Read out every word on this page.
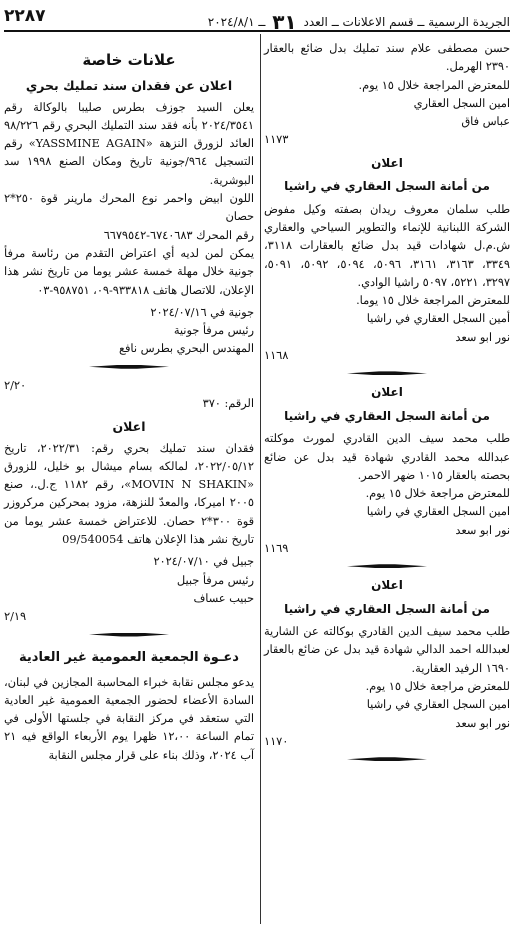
الجريدة الرسمية ــ قسم الاعلانات ــ العدد ٣١ ــ ٢٠٢٤/٨/١
٢٢٨٧

حسن مصطفى علام سند تمليك بدل ضائع بالعقار ٢٣٩٠ الهرمل.

للمعترض المراجعة خلال ١٥ يوم.

امين السجل العقاري

عباس فاق

١١٧٣

اعلان
من أمانة السجل العقاري في راشيا

طلب سلمان معروف ريدان بصفته وكيل مفوض الشركة اللبنانية للإنماء والتطوير السياحي والعقاري ش.م.ل شهادات قيد بدل ضائع بالعقارات ٣١١٨، ٣٣٤٩، ٣١٦٣، ٣١٦١، ٥٠٩٦، ٥٠٩٤، ٥٠٩٢، ٥٠٩١، ٣٢٩٧، ٥٢٢١، ٥٠٩٧ راشيا الوادي.

للمعترض المراجعة خلال ١٥ يوما.

أمين السجل العقاري في راشيا

نور ابو سعد

١١٦٨

اعلان
من أمانة السجل العقاري في راشيا

طلب محمد سيف الدين القادري لمورث موكلته عبدالله محمد القادري شهادة قيد بدل عن ضائع بحصته بالعقار ١٠١٥ ضهر الاحمر.

للمعترض مراجعة خلال ١٥ يوم.

امين السجل العقاري في راشيا

نور ابو سعد

١١٦٩

اعلان
من أمانة السجل العقاري في راشيا

طلب محمد سيف الدين القادري بوكالته عن الشارية لعبدالله احمد الدالي شهادة قيد بدل عن ضائع بالعقار ١٦٩٠ الرفيد العقارية.

للمعترض مراجعة خلال ١٥ يوم.

امين السجل العقاري في راشيا

نور ابو سعد

١١٧٠

علانات خاصة
اعلان عن فقدان سند تمليك بحري

يعلن السيد جوزف بطرس صليبا بالوكالة رقم ٢٠٢٤/٣٥٤١ بأنه فقد سند التمليك البحري رقم ٩٨/٢٢٦ العائد لزورق النزهة «YASSMINE AGAIN» رقم التسجيل ٩٦٤/جونية تاريخ ومكان الصنع ١٩٩٨ سد البوشرية.

اللون ابيض واحمر نوع المحرك مارينر قوة ٢٥٠*٢ حصان

رقم المحرك ٦٧٤٠٦٨٣-٦٦٧٩٥٤٢

يمكن لمن لديه أي اعتراض التقدم من رئاسة مرفأ جونية خلال مهلة خمسة عشر يوما من تاريخ نشر هذا الإعلان، للاتصال هاتف ٩٣٣٨١٨-٠٩، ٩٥٨٧٥١-٠٣

جونية في ٢٠٢٤/٠٧/١٦

رئيس مرفأ جونية

المهندس البحري بطرس نافع

٢/٢٠

الرقم: ٣٧٠

اعلان

فقدان سند تمليك بحري رقم: ٢٠٢٢/٣١، تاريخ ٢٠٢٢/٠٥/١٢، لمالكه بسام ميشال بو خليل، للزورق «MOVIN N SHAKIN»، رقم ١١٨٢ ج.ل.، صنع ٢٠٠٥ اميركا، والمعدّ للنزهة، مزود بمحركين مركروزر قوة ٣٠٠*٢ حصان. للاعتراض خمسة عشر يوما من تاريخ نشر هذا الإعلان هاتف 09/540054

جبيل في ٢٠٢٤/٠٧/١٠

رئيس مرفأ جبيل

حبيب عساف

٢/١٩

دعـوة الجمعية العمومية غير العادية

يدعو مجلس نقابة خبراء المحاسبة المجازين في لبنان، السادة الأعضاء لحضور الجمعية العمومية غير العادية التي ستعقد في مركز النقابة في جلستها الأولى في تمام الساعة ١٢،٠٠ ظهرا يوم الأربعاء الواقع فيه ٢١ آب ٢٠٢٤، وذلك بناء على قرار مجلس النقابة
